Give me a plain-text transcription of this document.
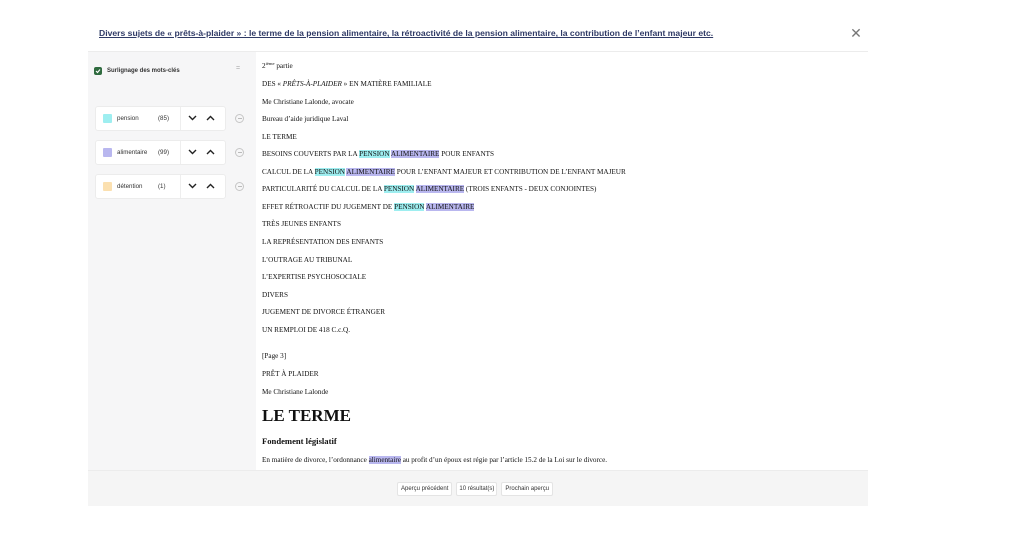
Divers sujets de « prêts-à-plaider » : le terme de la pension alimentaire, la rétroactivité de la pension alimentaire, la contribution de l’enfant majeur etc.	✕
Surlignage des mots-clés	=
pension	(85)
alimentaire (99)
détention	(1)
2ième partie
DES « PRÊTS-À-PLAIDER » EN MATIÈRE FAMILIALE
Me Christiane Lalonde, avocate
Bureau d’aide juridique Laval
LE TERME
BESOINS COUVERTS PAR LA PENSION ALIMENTAIRE POUR ENFANTS
CALCUL DE LA PENSION ALIMENTAIRE POUR L’ENFANT MAJEUR ET CONTRIBUTION DE L’ENFANT MAJEUR
PARTICULARITÉ DU CALCUL DE LA PENSION ALIMENTAIRE (TROIS ENFANTS - DEUX CONJOINTES)
EFFET RÉTROACTIF DU JUGEMENT DE PENSION ALIMENTAIRE
TRÈS JEUNES ENFANTS
LA REPRÉSENTATION DES ENFANTS
L’OUTRAGE AU TRIBUNAL
L’EXPERTISE PSYCHOSOCIALE
DIVERS
JUGEMENT DE DIVORCE ÉTRANGER
UN REMPLOI DE 418 C.c.Q.
[Page 3]
PRÊT À PLAIDER
Me Christiane Lalonde
LE TERME
Fondement législatif
En matière de divorce, l’ordonnance alimentaire au profit d’un époux est régie par l’article 15.2 de la Loi sur le divorce.
Aperçu précédent	10 résultat(s)	Prochain aperçu
